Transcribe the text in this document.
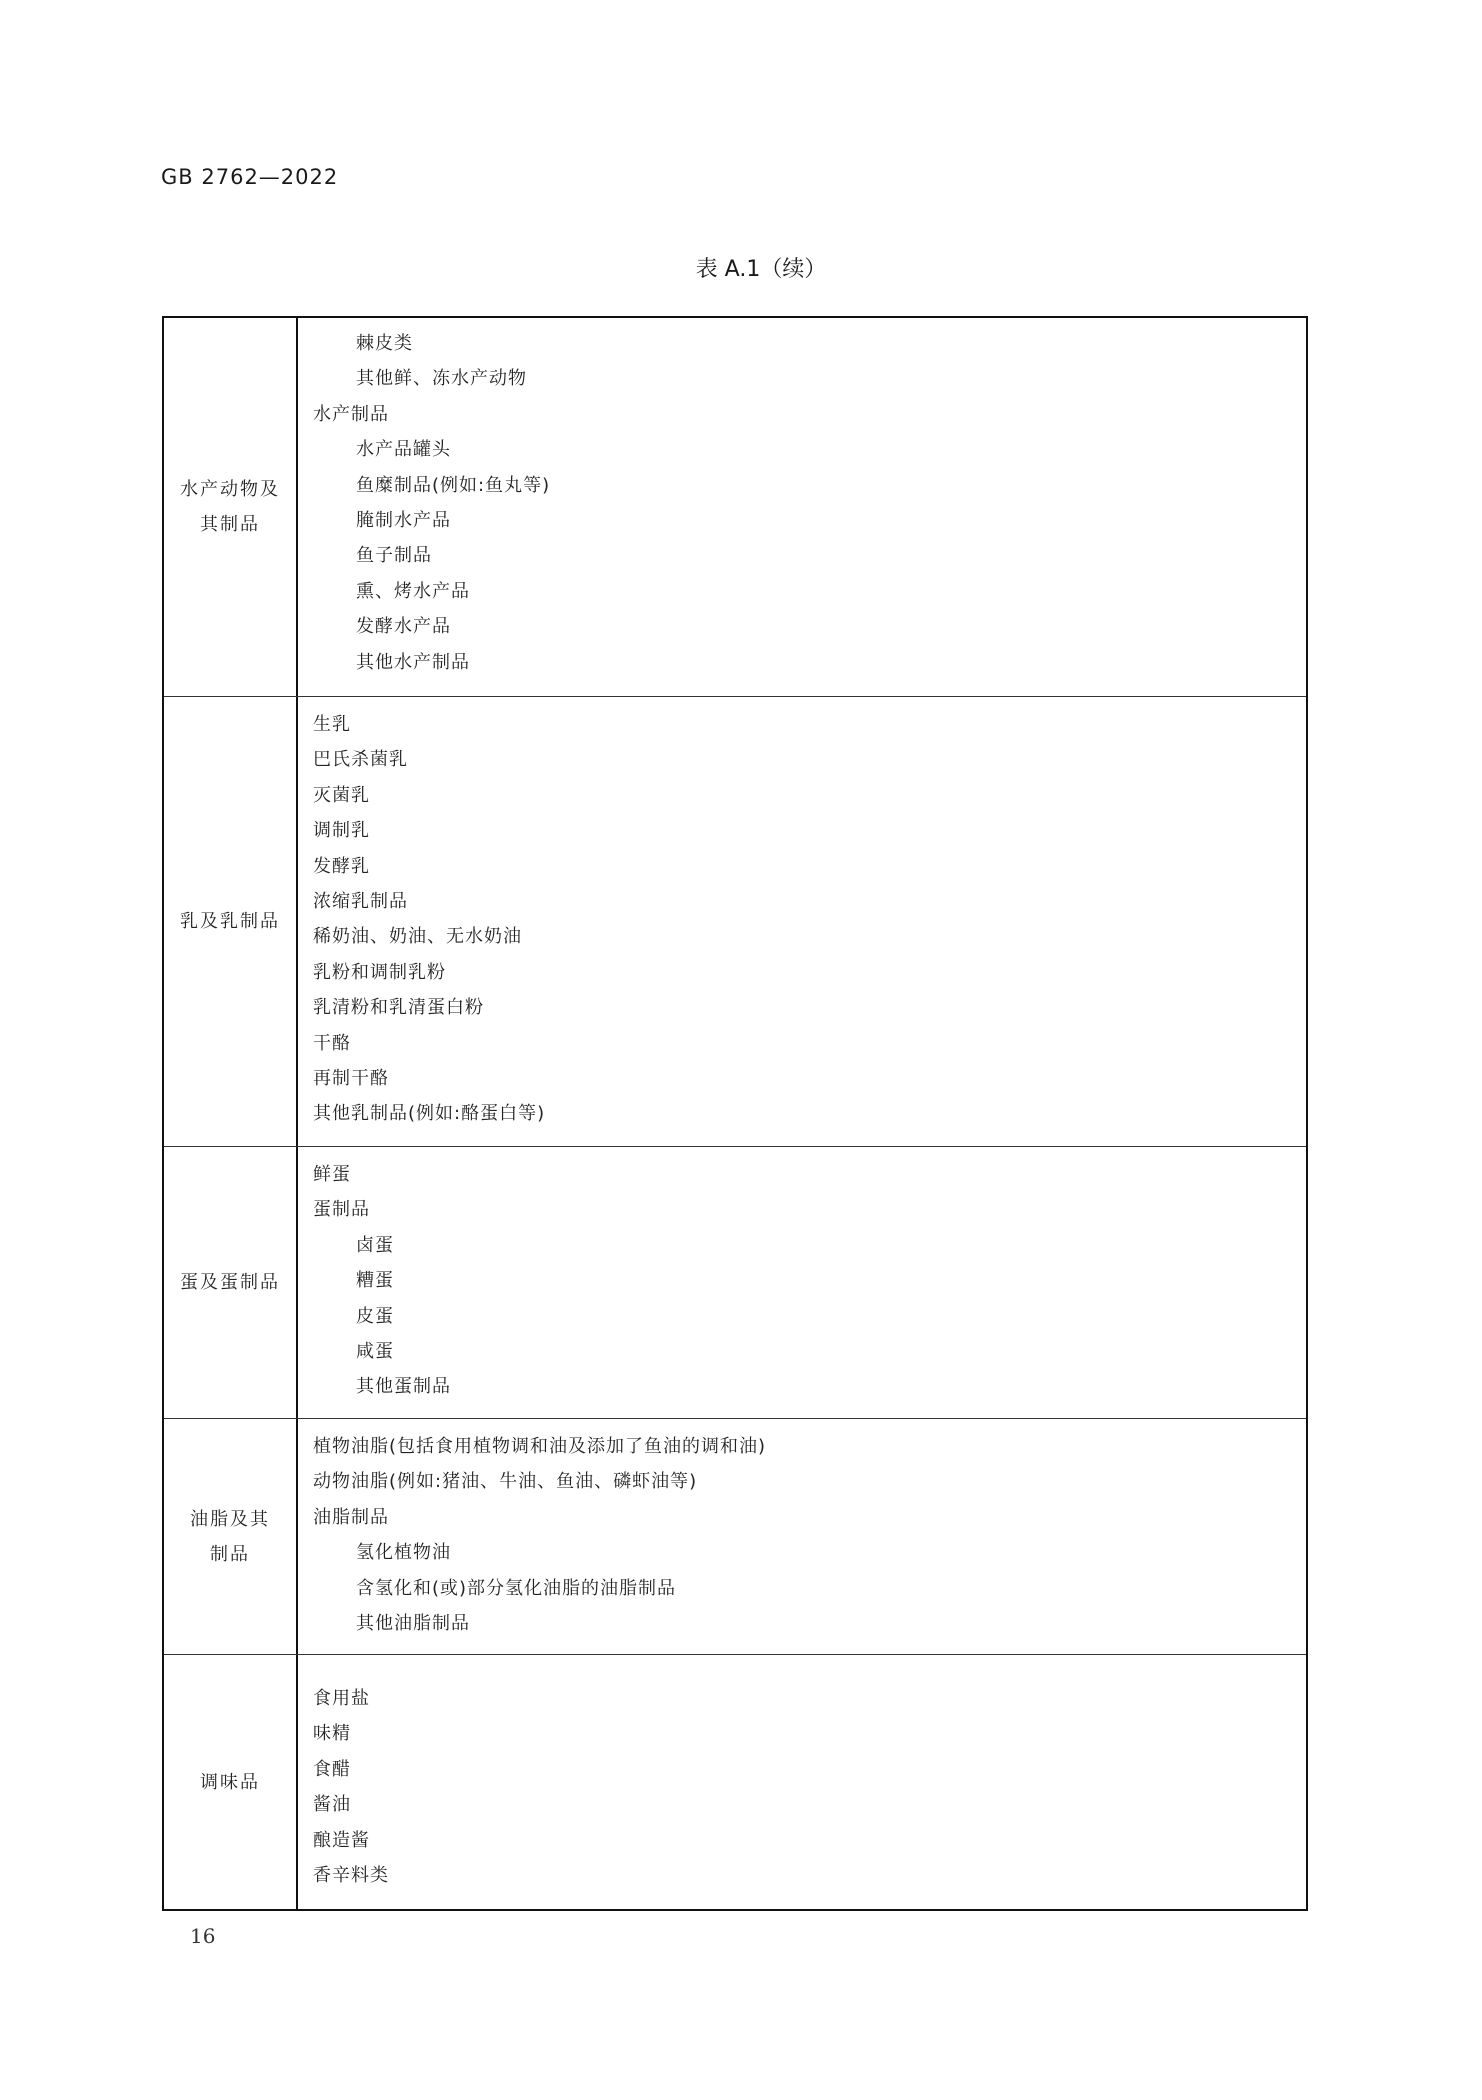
GB 2762—2022
表 A.1（续）
水产动物及其制品
棘皮类
其他鲜、冻水产动物
水产制品
水产品罐头
鱼糜制品(例如:鱼丸等)
腌制水产品
鱼子制品
熏、烤水产品
发酵水产品
其他水产制品
乳及乳制品
生乳
巴氏杀菌乳
灭菌乳
调制乳
发酵乳
浓缩乳制品
稀奶油、奶油、无水奶油
乳粉和调制乳粉
乳清粉和乳清蛋白粉
干酪
再制干酪
其他乳制品(例如:酪蛋白等)
蛋及蛋制品
鲜蛋
蛋制品
卤蛋
糟蛋
皮蛋
咸蛋
其他蛋制品
油脂及其制品
植物油脂(包括食用植物调和油及添加了鱼油的调和油)
动物油脂(例如:猪油、牛油、鱼油、磷虾油等)
油脂制品
氢化植物油
含氢化和(或)部分氢化油脂的油脂制品
其他油脂制品
调味品
食用盐
味精
食醋
酱油
酿造酱
香辛料类
16
